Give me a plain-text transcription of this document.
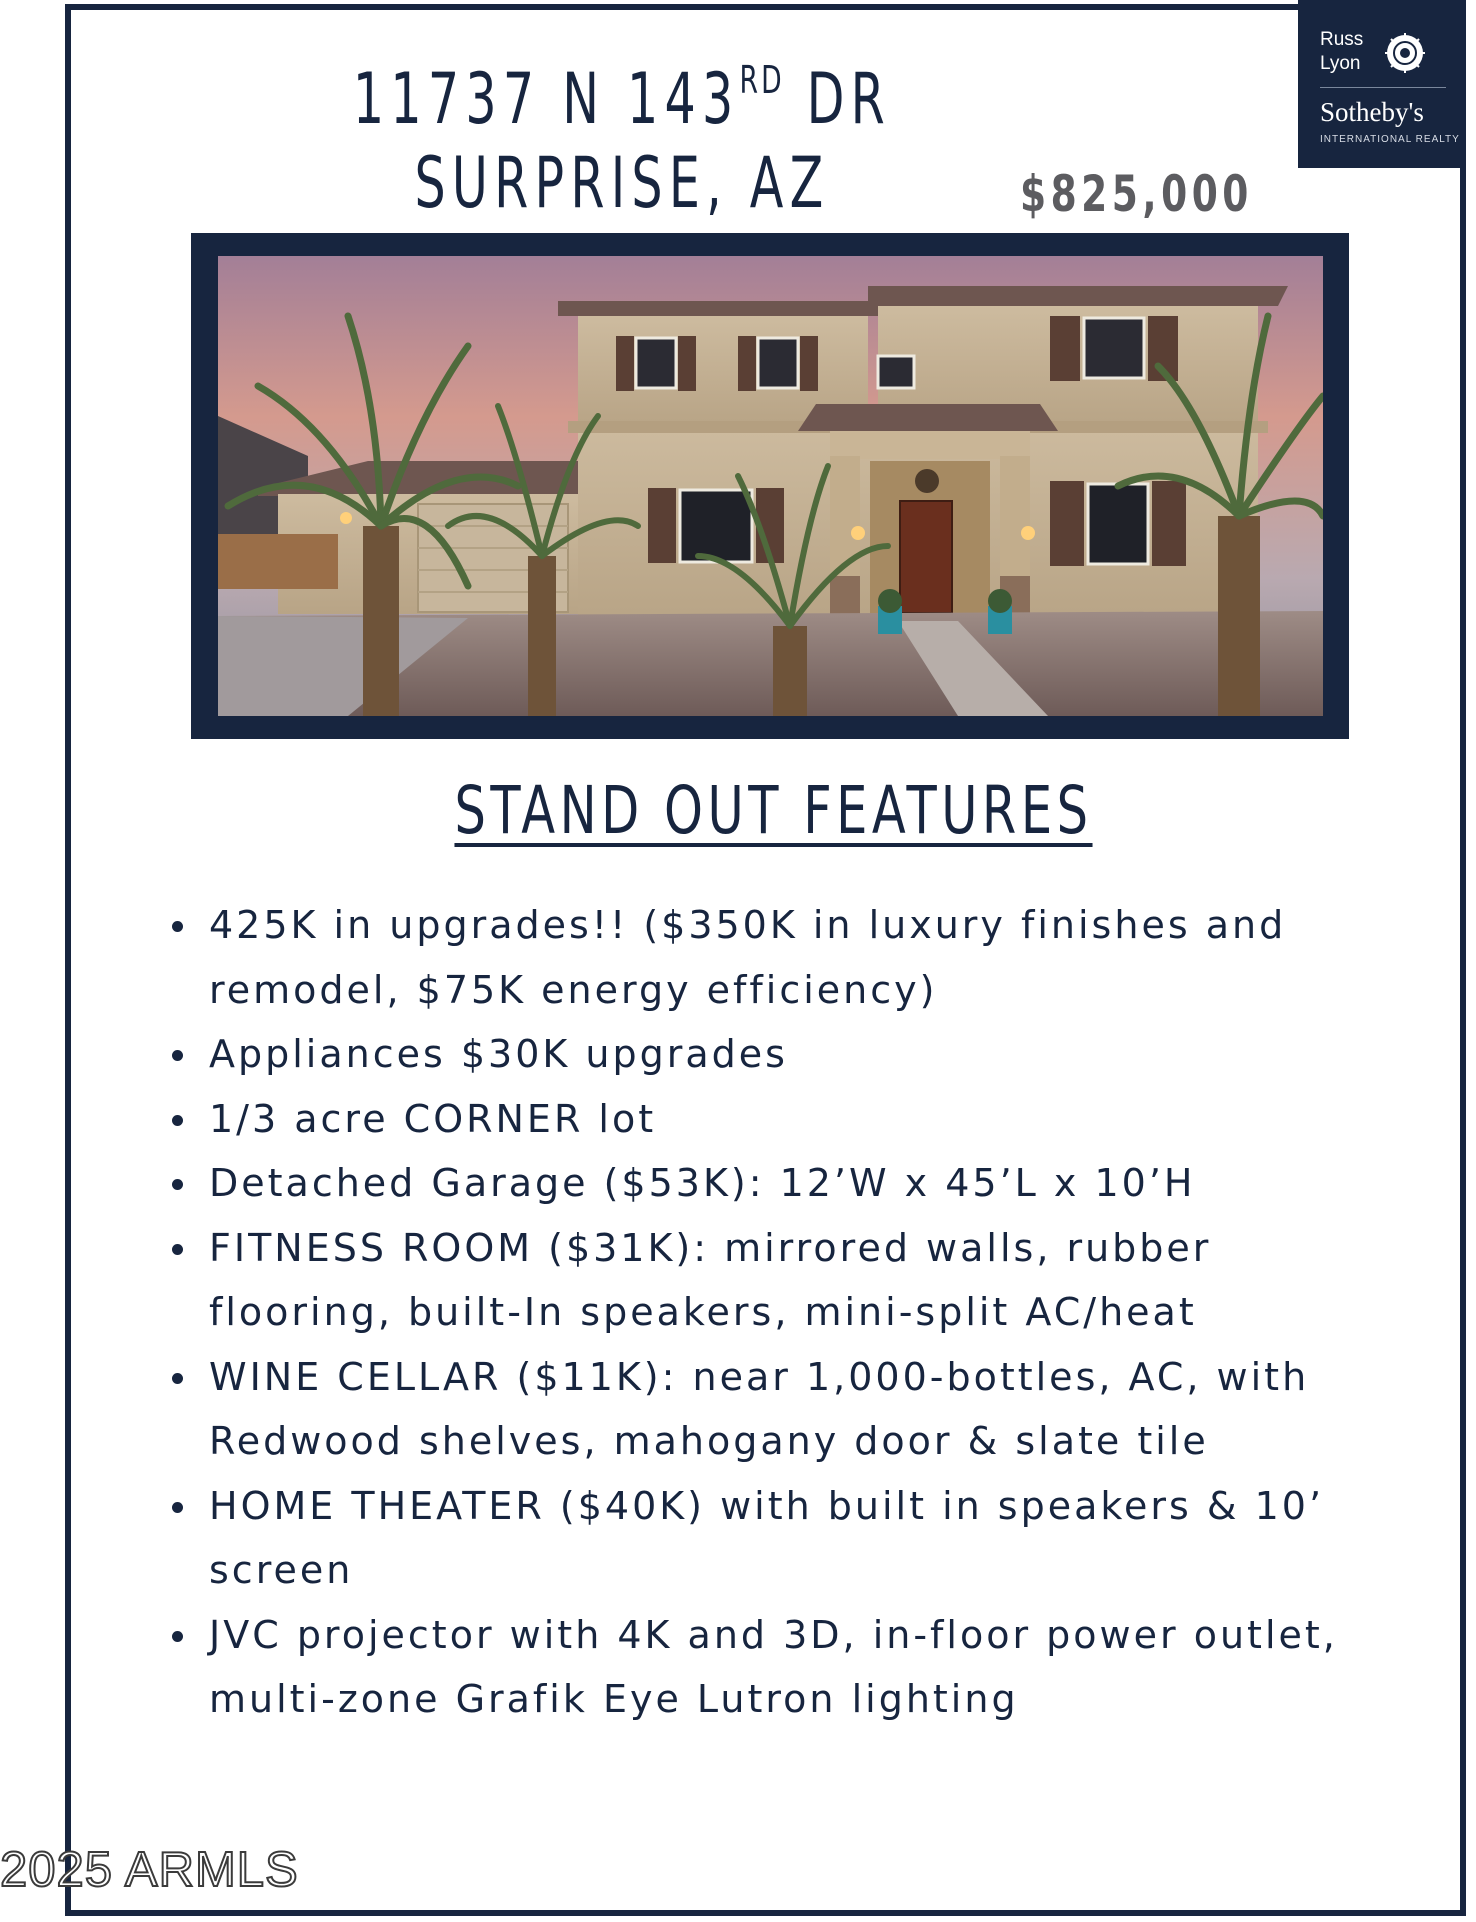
11737 N 143RD DR
SURPRISE, AZ	$825,000
Russ
Lyon
Sotheby's
INTERNATIONAL REALTY
STAND OUT FEATURES
425K in upgrades!! ($350K in luxury finishes and remodel, $75K energy efficiency)
Appliances $30K upgrades
1/3 acre CORNER lot
Detached Garage ($53K): 12’W x 45’L x 10’H
FITNESS ROOM ($31K): mirrored walls, rubber flooring, built-In speakers, mini-split AC/heat
WINE CELLAR ($11K): near 1,000-bottles, AC, with Redwood shelves, mahogany door & slate tile
HOME THEATER ($40K) with built in speakers & 10’ screen
JVC projector with 4K and 3D, in-floor power outlet, multi-zone Grafik Eye Lutron lighting
2025 ARMLS
